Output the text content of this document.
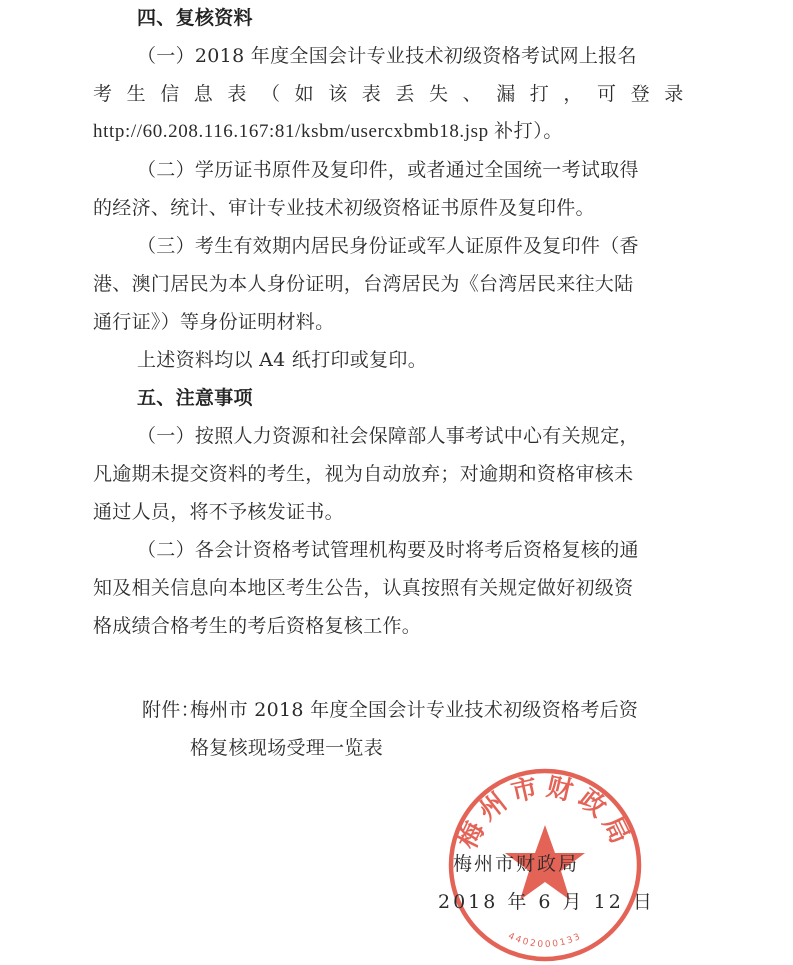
四、复核资料
（一）2018 年度全国会计专业技术初级资格考试网上报名
考生信息表（如该表丢失、漏打，可登录
http://60.208.116.167:81/ksbm/usercxbmb18.jsp 补打）。
（二）学历证书原件及复印件，或者通过全国统一考试取得
的经济、统计、审计专业技术初级资格证书原件及复印件。
（三）考生有效期内居民身份证或军人证原件及复印件（香
港、澳门居民为本人身份证明，台湾居民为《台湾居民来往大陆
通行证》）等身份证明材料。
上述资料均以 A4 纸打印或复印。
五、注意事项
（一）按照人力资源和社会保障部人事考试中心有关规定，
凡逾期未提交资料的考生，视为自动放弃；对逾期和资格审核未
通过人员，将不予核发证书。
（二）各会计资格考试管理机构要及时将考后资格复核的通
知及相关信息向本地区考生公告，认真按照有关规定做好初级资
格成绩合格考生的考后资格复核工作。
附件：
梅州市 2018 年度全国会计专业技术初级资格考后资
格复核现场受理一览表
梅州市财政局
4402000133
梅州市财政局
2018 年 6 月 12 日
